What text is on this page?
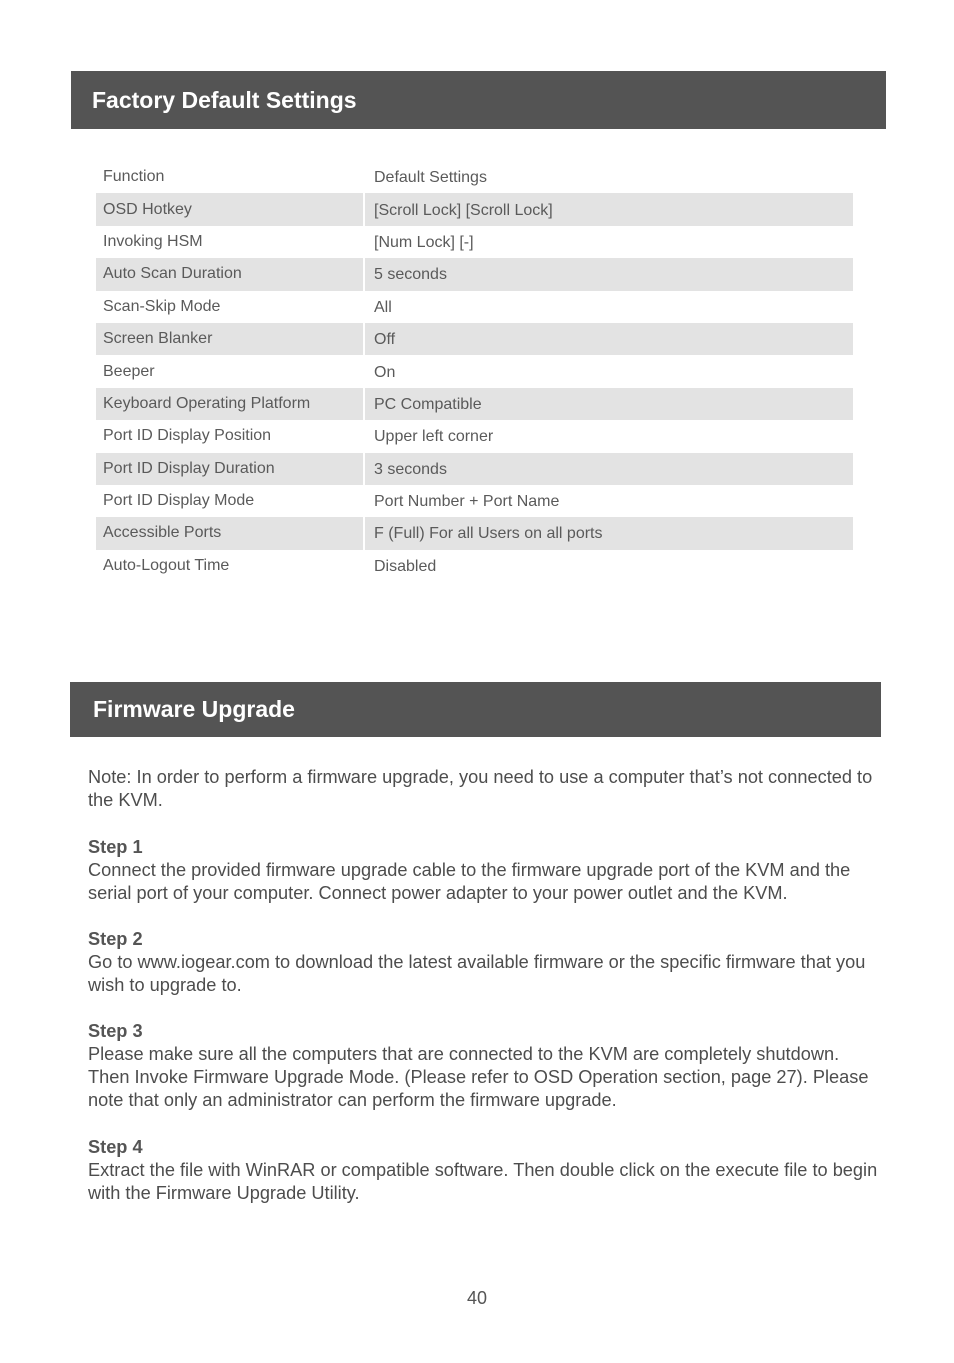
Factory Default Settings
Function	Default Settings
OSD Hotkey	[Scroll Lock] [Scroll Lock]
Invoking HSM	[Num Lock] [-]
Auto Scan Duration	5 seconds
Scan-Skip Mode	All
Screen Blanker	Off
Beeper	On
Keyboard Operating Platform	PC Compatible
Port ID Display Position	Upper left corner
Port ID Display Duration	3 seconds
Port ID Display Mode	Port Number + Port Name
Accessible Ports	F (Full) For all Users on all ports
Auto-Logout Time	Disabled
Firmware Upgrade
Note: In order to perform a firmware upgrade, you need to use a computer that’s not connected to the KVM.
Step 1
Connect the provided firmware upgrade cable to the firmware upgrade port of the KVM and the serial port of your computer. Connect power adapter to your power outlet and the KVM.
Step 2
Go to www.iogear.com to download the latest available firmware or the specific firmware that you wish to upgrade to.
Step 3
Please make sure all the computers that are connected to the KVM are completely shutdown. Then Invoke Firmware Upgrade Mode. (Please refer to OSD Operation section, page 27). Please note that only an administrator can perform the firmware upgrade.
Step 4
Extract the file with WinRAR or compatible software. Then double click on the execute file to begin with the Firmware Upgrade Utility.
40
